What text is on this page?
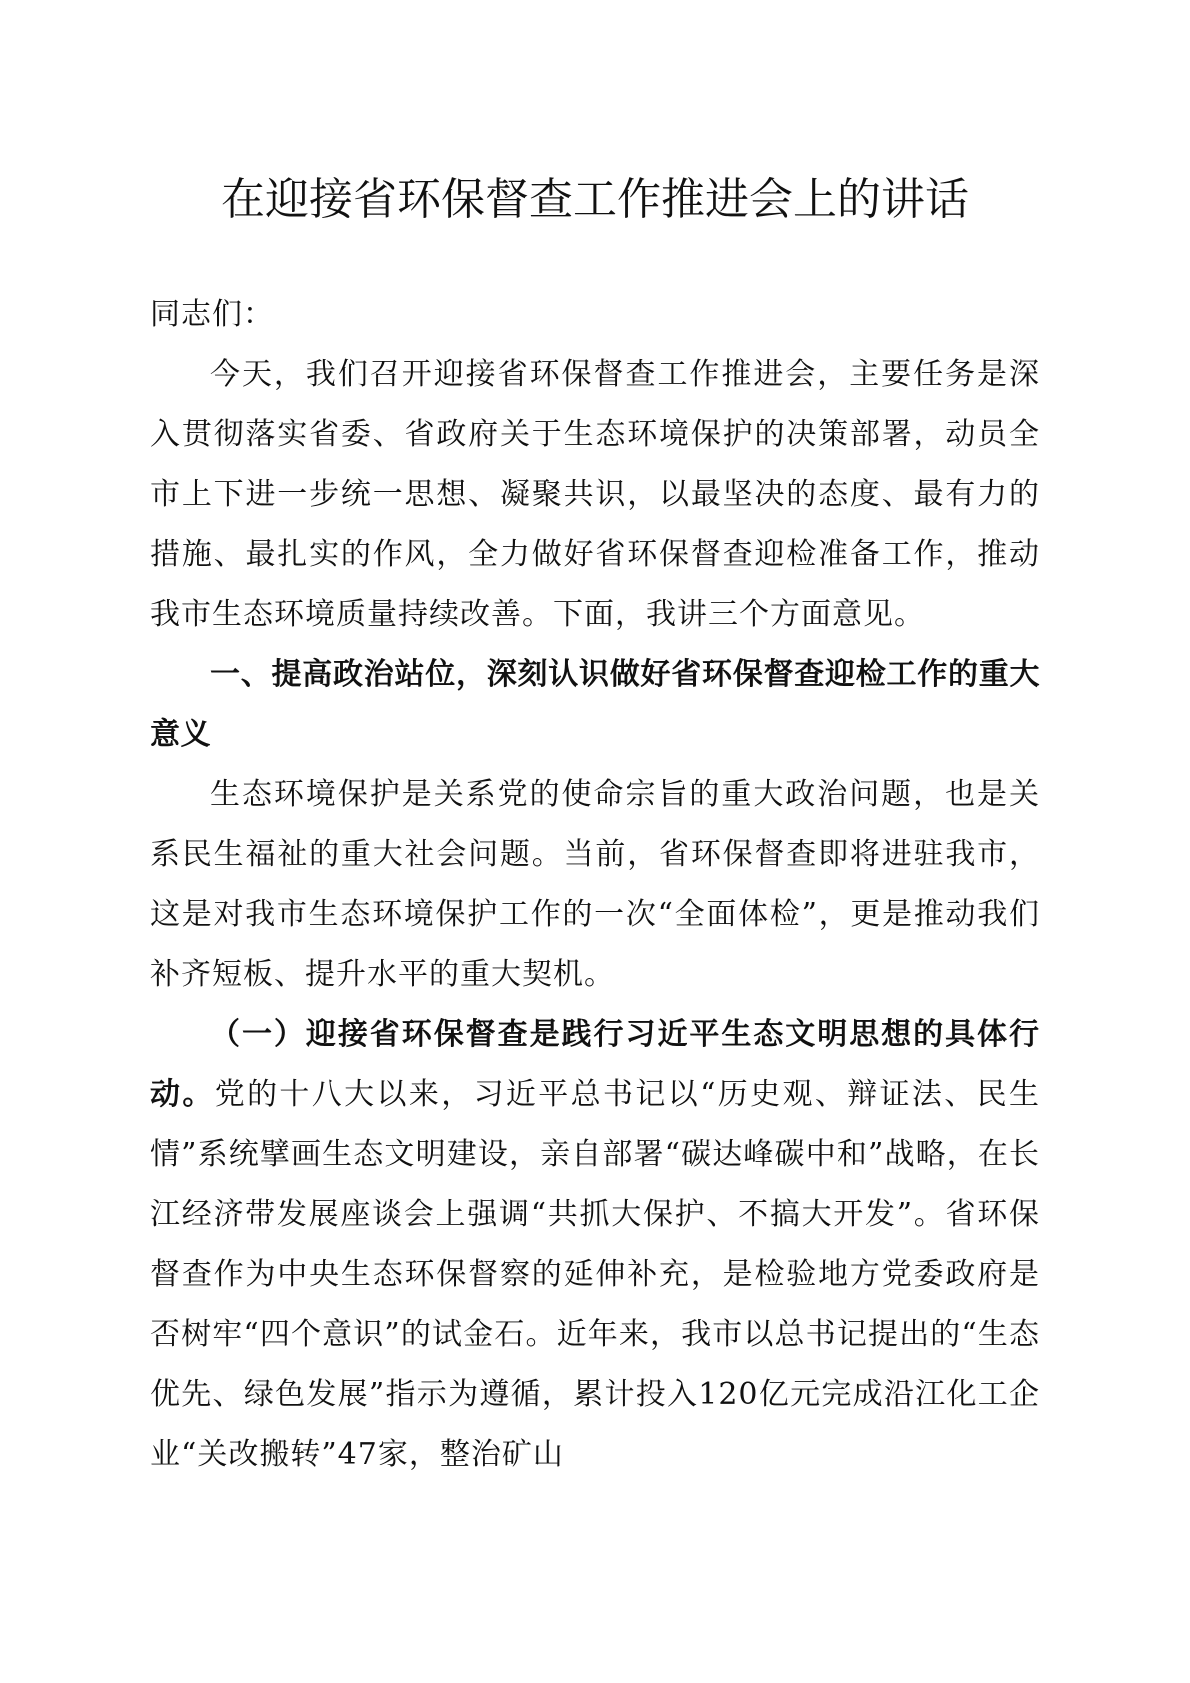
在迎接省环保督查工作推进会上的讲话

同志们：

今天，我们召开迎接省环保督查工作推进会，主要任务是深入贯彻落实省委、省政府关于生态环境保护的决策部署，动员全市上下进一步统一思想、凝聚共识，以最坚决的态度、最有力的措施、最扎实的作风，全力做好省环保督查迎检准备工作，推动我市生态环境质量持续改善。下面，我讲三个方面意见。

一、提高政治站位，深刻认识做好省环保督查迎检工作的重大意义

生态环境保护是关系党的使命宗旨的重大政治问题，也是关系民生福祉的重大社会问题。当前，省环保督查即将进驻我市，这是对我市生态环境保护工作的一次“全面体检”，更是推动我们补齐短板、提升水平的重大契机。

（一）迎接省环保督查是践行习近平生态文明思想的具体行动。党的十八大以来，习近平总书记以“历史观、辩证法、民生情”系统擘画生态文明建设，亲自部署“碳达峰碳中和”战略，在长江经济带发展座谈会上强调“共抓大保护、不搞大开发”。省环保督查作为中央生态环保督察的延伸补充，是检验地方党委政府是否树牢“四个意识”的试金石。近年来，我市以总书记提出的“生态优先、绿色发展”指示为遵循，累计投入120亿元完成沿江化工企业“关改搬转”47家，整治矿山
